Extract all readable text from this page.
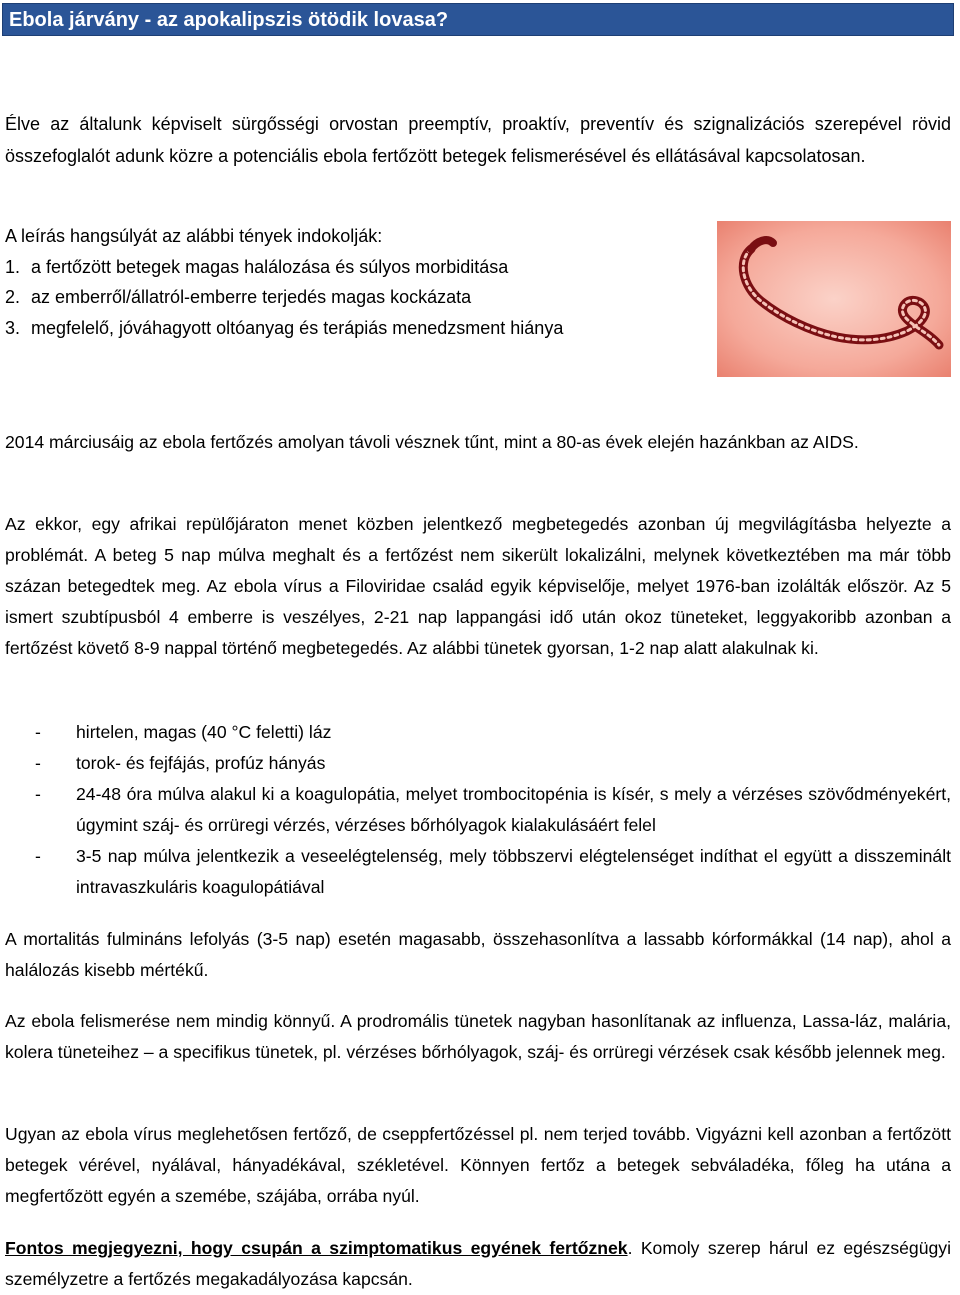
Ebola járvány - az apokalipszis ötödik lovasa?
Élve az általunk képviselt sürgősségi orvostan preemptív, proaktív, preventív és szignalizációs szerepével rövid összefoglalót adunk közre a potenciális ebola fertőzött betegek felismerésével és ellátásával kapcsolatosan.
A leírás hangsúlyát az alábbi tények indokolják:
1. a fertőzött betegek magas halálozása és súlyos morbiditása
2. az emberről/állatról-emberre terjedés magas kockázata
3. megfelelő, jóváhagyott oltóanyag és terápiás menedzsment hiánya
2014 márciusáig az ebola fertőzés amolyan távoli vésznek tűnt, mint a 80-as évek elején hazánkban az AIDS.
Az ekkor, egy afrikai repülőjáraton menet közben jelentkező megbetegedés azonban új megvilágításba helyezte a problémát. A beteg 5 nap múlva meghalt és a fertőzést nem sikerült lokalizálni, melynek következtében ma már több százan betegedtek meg. Az ebola vírus a Filoviridae család egyik képviselője, melyet 1976-ban izolálták először. Az 5 ismert szubtípusból 4 emberre is veszélyes, 2-21 nap lappangási idő után okoz tüneteket, leggyakoribb azonban a fertőzést követő 8-9 nappal történő megbetegedés. Az alábbi tünetek gyorsan, 1-2 nap alatt alakulnak ki.
-	hirtelen, magas (40 °C feletti) láz
-	torok- és fejfájás, profúz hányás
-	24-48 óra múlva alakul ki a koagulopátia, melyet trombocitopénia is kísér, s mely a vérzéses szövődményekért, úgymint száj- és orrüregi vérzés, vérzéses bőrhólyagok kialakulásáért felel
-	3-5 nap múlva jelentkezik a veseelégtelenség, mely többszervi elégtelenséget indíthat el együtt a disszeminált intravaszkuláris koagulopátiával
A mortalitás fulmináns lefolyás (3-5 nap) esetén magasabb, összehasonlítva a lassabb kórformákkal (14 nap), ahol a halálozás kisebb mértékű.
Az ebola felismerése nem mindig könnyű. A prodromális tünetek nagyban hasonlítanak az influenza, Lassa-láz, malária, kolera tüneteihez – a specifikus tünetek, pl. vérzéses bőrhólyagok, száj- és orrüregi vérzések csak később jelennek meg.
Ugyan az ebola vírus meglehetősen fertőző, de cseppfertőzéssel pl. nem terjed tovább. Vigyázni kell azonban a fertőzött betegek vérével, nyálával, hányadékával, székletével. Könnyen fertőz a betegek sebváladéka, főleg ha utána a megfertőzött egyén a szemébe, szájába, orrába nyúl.
Fontos megjegyezni, hogy csupán a szimptomatikus egyének fertőznek. Komoly szerep hárul ez egészségügyi személyzetre a fertőzés megakadályozása kapcsán.
